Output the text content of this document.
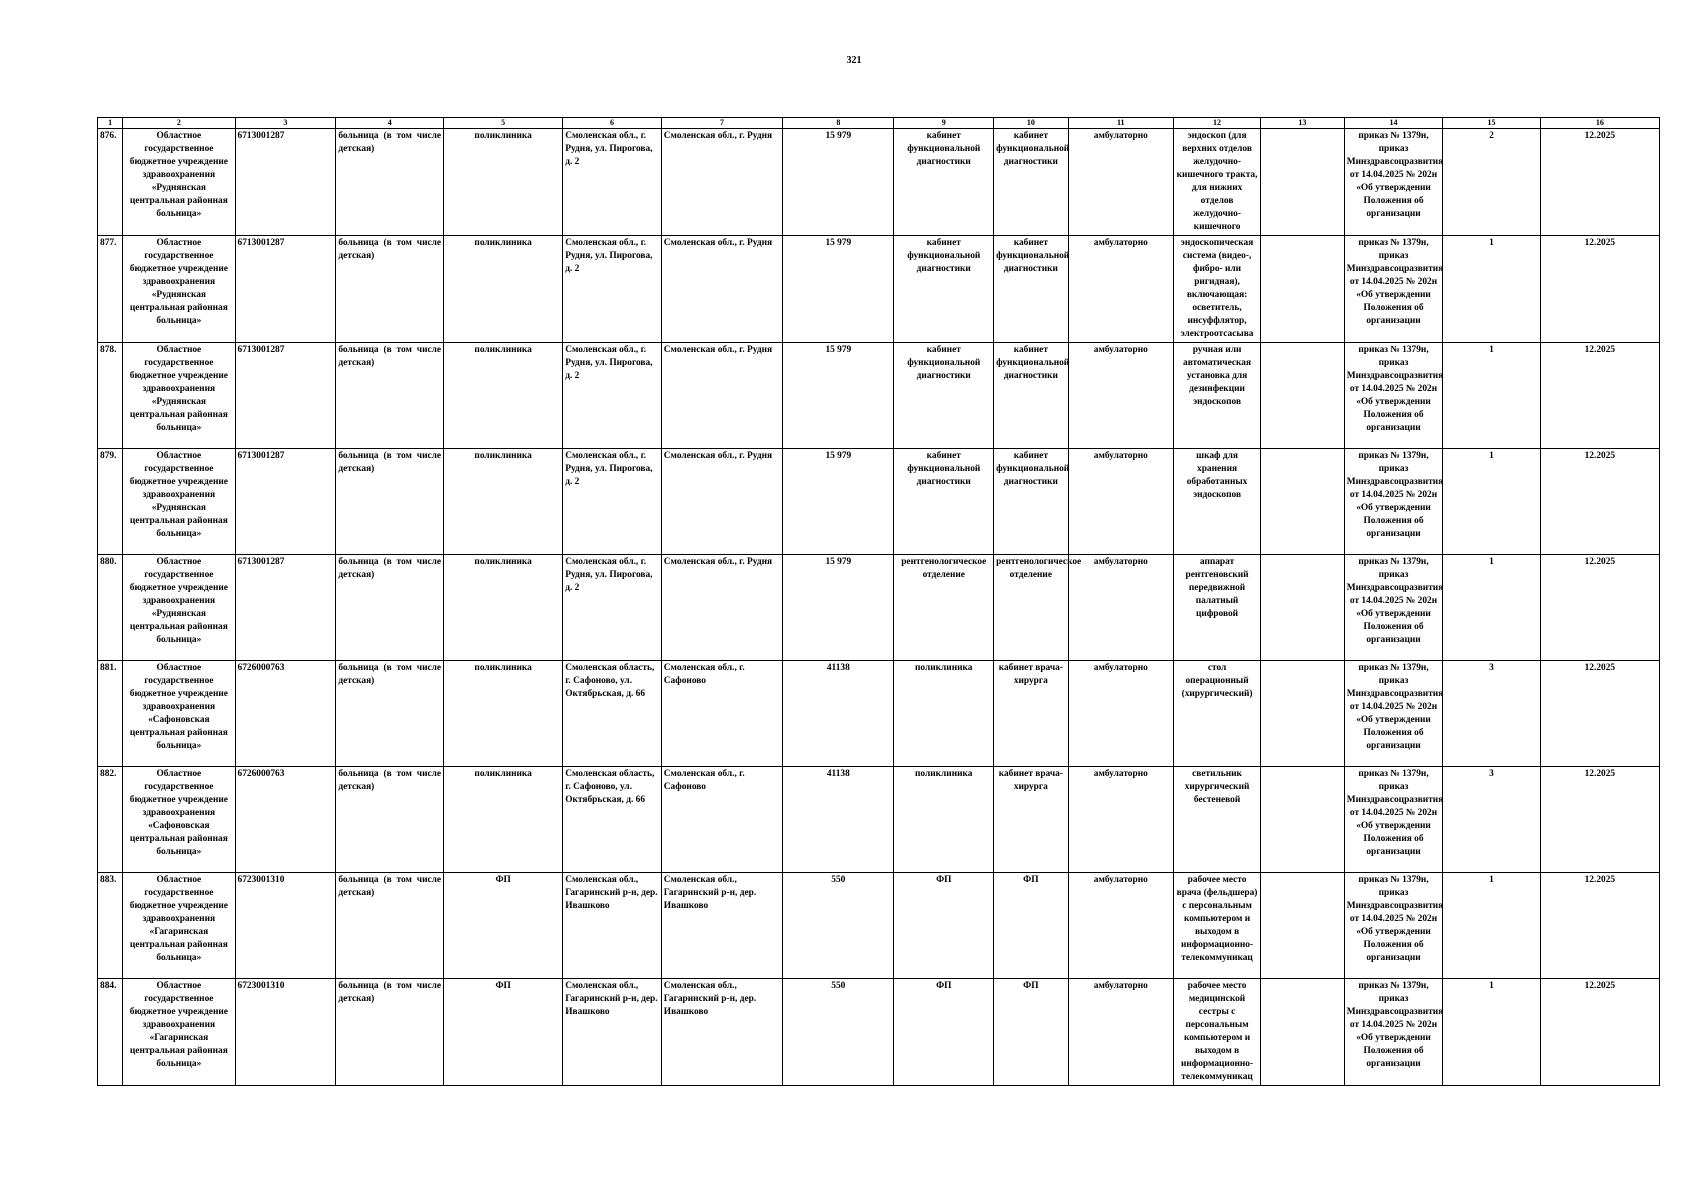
321
1	2	3	4	5	6	7	8	9	10	11	12	13	14	15	16

876.	Областное государственное бюджетное учреждение здравоохранения «Руднянская центральная районная больница»	6713001287	больница (в том числе детская)	поликлиника	Смоленская обл., г. Рудня, ул. Пирогова, д. 2	Смоленская обл., г. Рудня	15 979	кабинет функциональной диагностики	кабинет функциональной диагностики	амбулаторно	эндоскоп (для верхних отделов желудочно-кишечного тракта, для нижних отделов желудочно-кишечного		приказ № 1379н, приказ Минздравсоцразвития от 14.04.2025 № 202н «Об утверждении Положения об организации	2	12.2025

877.	Областное государственное бюджетное учреждение здравоохранения «Руднянская центральная районная больница»	6713001287	больница (в том числе детская)	поликлиника	Смоленская обл., г. Рудня, ул. Пирогова, д. 2	Смоленская обл., г. Рудня	15 979	кабинет функциональной диагностики	кабинет функциональной диагностики	амбулаторно	эндоскопическая система (видео-, фибро- или ригидная), включающая: осветитель, инсуффлятор, электроотсасыва		приказ № 1379н, приказ Минздравсоцразвития от 14.04.2025 № 202н «Об утверждении Положения об организации	1	12.2025

878.	Областное государственное бюджетное учреждение здравоохранения «Руднянская центральная районная больница»	6713001287	больница (в том числе детская)	поликлиника	Смоленская обл., г. Рудня, ул. Пирогова, д. 2	Смоленская обл., г. Рудня	15 979	кабинет функциональной диагностики	кабинет функциональной диагностики	амбулаторно	ручная или автоматическая установка для дезинфекции эндоскопов		приказ № 1379н, приказ Минздравсоцразвития от 14.04.2025 № 202н «Об утверждении Положения об организации	1	12.2025

879.	Областное государственное бюджетное учреждение здравоохранения «Руднянская центральная районная больница»	6713001287	больница (в том числе детская)	поликлиника	Смоленская обл., г. Рудня, ул. Пирогова, д. 2	Смоленская обл., г. Рудня	15 979	кабинет функциональной диагностики	кабинет функциональной диагностики	амбулаторно	шкаф для хранения обработанных эндоскопов		приказ № 1379н, приказ Минздравсоцразвития от 14.04.2025 № 202н «Об утверждении Положения об организации	1	12.2025

880.	Областное государственное бюджетное учреждение здравоохранения «Руднянская центральная районная больница»	6713001287	больница (в том числе детская)	поликлиника	Смоленская обл., г. Рудня, ул. Пирогова, д. 2	Смоленская обл., г. Рудня	15 979	рентгенологическое отделение	рентгенологическое отделение	амбулаторно	аппарат рентгеновский передвижной палатный цифровой		приказ № 1379н, приказ Минздравсоцразвития от 14.04.2025 № 202н «Об утверждении Положения об организации	1	12.2025

881.	Областное государственное бюджетное учреждение здравоохранения «Сафоновская центральная районная больница»	6726000763	больница (в том числе детская)	поликлиника	Смоленская область, г. Сафоново, ул. Октябрьская, д. 66	Смоленская обл., г. Сафоново	41138	поликлиника	кабинет врача-хирурга	амбулаторно	стол операционный (хирургический)		приказ № 1379н, приказ Минздравсоцразвития от 14.04.2025 № 202н «Об утверждении Положения об организации	3	12.2025

882.	Областное государственное бюджетное учреждение здравоохранения «Сафоновская центральная районная больница»	6726000763	больница (в том числе детская)	поликлиника	Смоленская область, г. Сафоново, ул. Октябрьская, д. 66	Смоленская обл., г. Сафоново	41138	поликлиника	кабинет врача-хирурга	амбулаторно	светильник хирургический бестеневой		приказ № 1379н, приказ Минздравсоцразвития от 14.04.2025 № 202н «Об утверждении Положения об организации	3	12.2025

883.	Областное государственное бюджетное учреждение здравоохранения «Гагаринская центральная районная больница»	6723001310	больница (в том числе детская)	ФП	Смоленская обл., Гагаринский р-н, дер. Ивашково	Смоленская обл., Гагаринский р-н, дер. Ивашково	550	ФП	ФП	амбулаторно	рабочее место врача (фельдшера) с персональным компьютером и выходом в информационно-телекоммуникац		приказ № 1379н, приказ Минздравсоцразвития от 14.04.2025 № 202н «Об утверждении Положения об организации	1	12.2025

884.	Областное государственное бюджетное учреждение здравоохранения «Гагаринская центральная районная больница»	6723001310	больница (в том числе детская)	ФП	Смоленская обл., Гагаринский р-н, дер. Ивашково	Смоленская обл., Гагаринский р-н, дер. Ивашково	550	ФП	ФП	амбулаторно	рабочее место медицинской сестры с персональным компьютером и выходом в информационно-телекоммуникац		приказ № 1379н, приказ Минздравсоцразвития от 14.04.2025 № 202н «Об утверждении Положения об организации	1	12.2025
